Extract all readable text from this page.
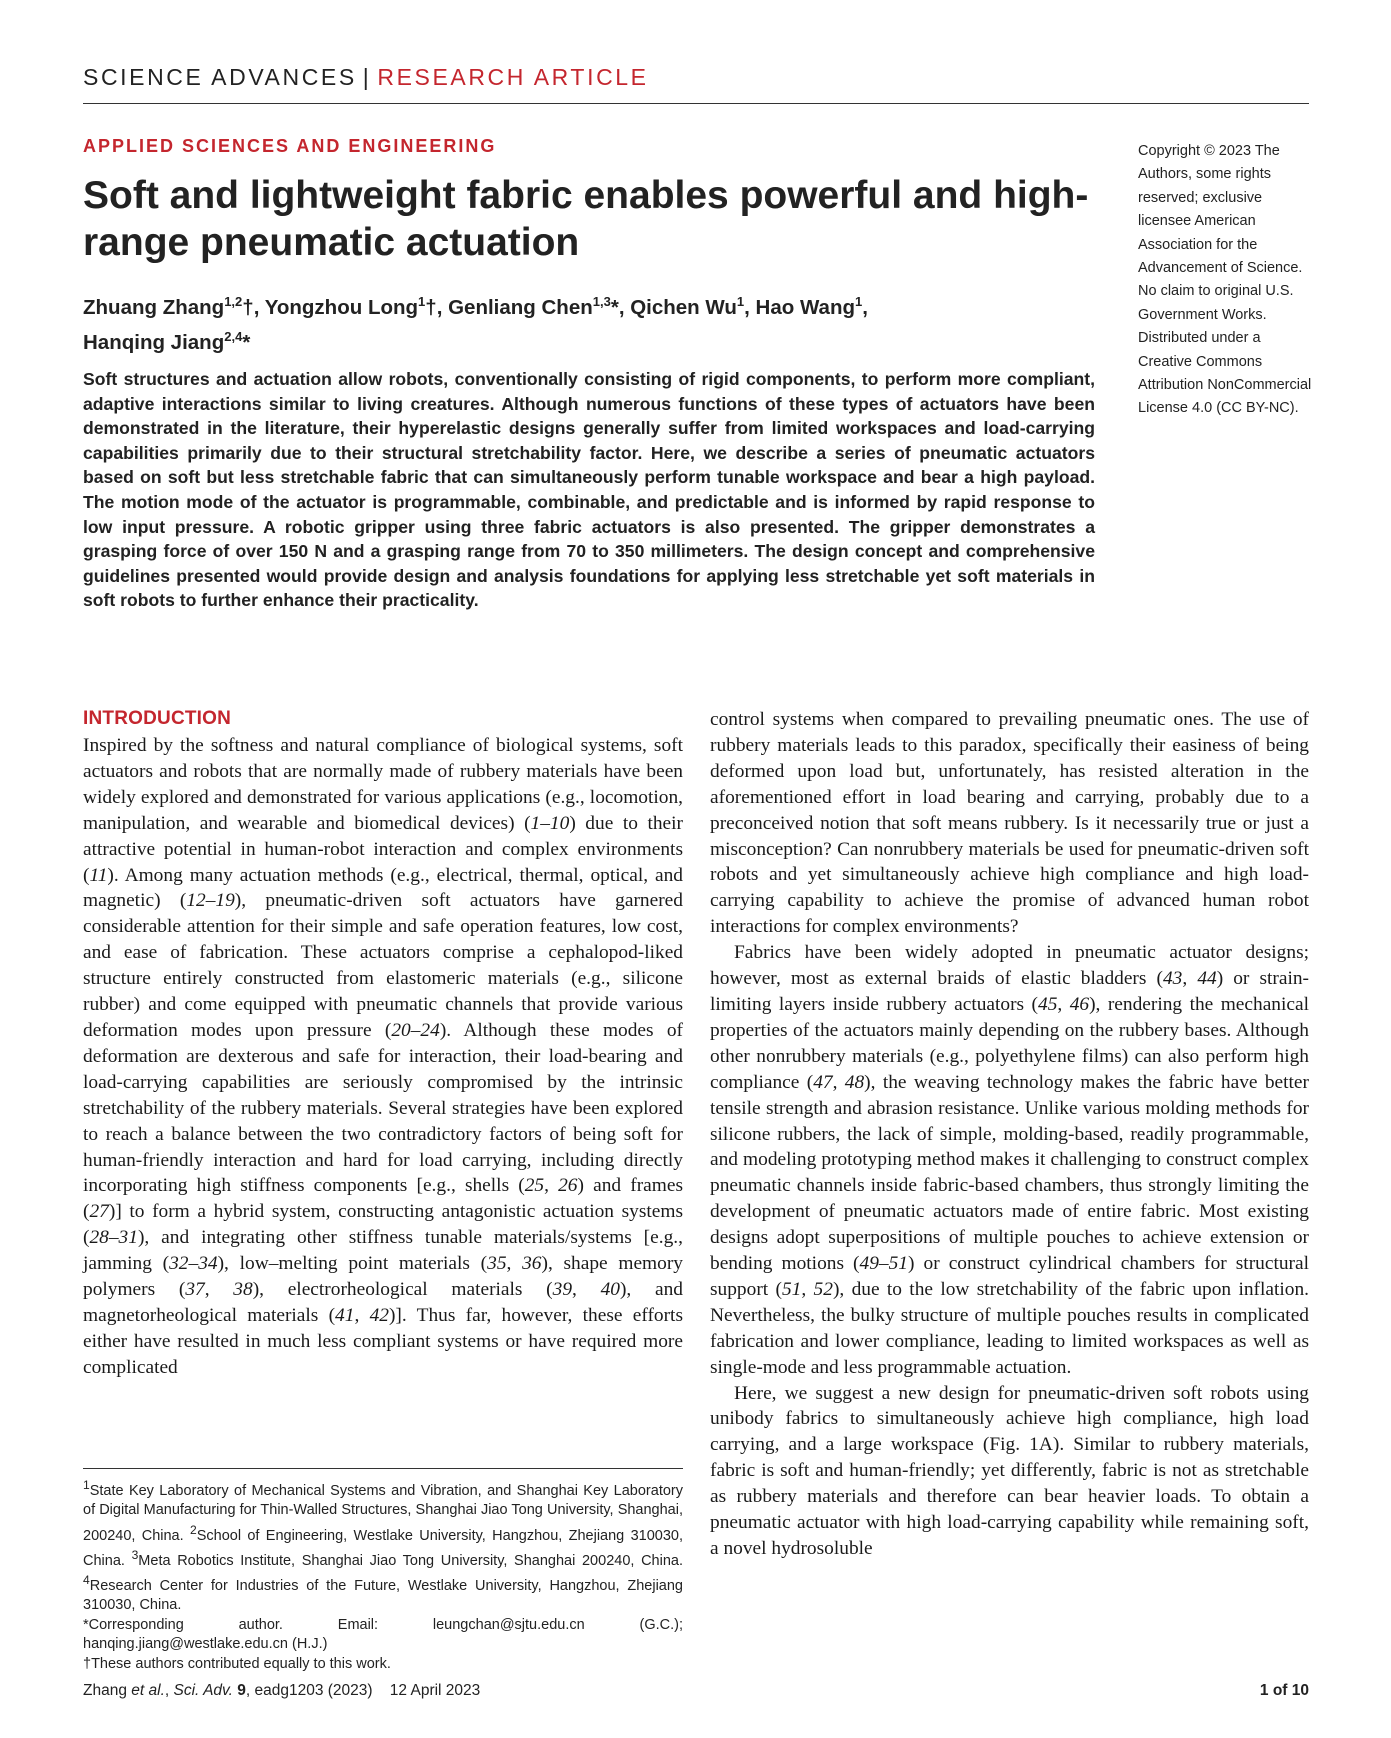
SCIENCE ADVANCES | RESEARCH ARTICLE
APPLIED SCIENCES AND ENGINEERING
Soft and lightweight fabric enables powerful and high-range pneumatic actuation
Zhuang Zhang$^{1,2}$†, Yongzhou Long$^1$†, Genliang Chen$^{1,3}$*, Qichen Wu$^1$, Hao Wang$^1$,
Hanqing Jiang$^{2,4}$*
Copyright © 2023 The Authors, some rights reserved; exclusive licensee American Association for the Advancement of Science. No claim to original U.S. Government Works. Distributed under a Creative Commons Attribution NonCommercial License 4.0 (CC BY-NC).

Soft structures and actuation allow robots, conventionally consisting of rigid components, to perform more compliant, adaptive interactions similar to living creatures. Although numerous functions of these types of actuators have been demonstrated in the literature, their hyperelastic designs generally suffer from limited workspaces and load-carrying capabilities primarily due to their structural stretchability factor. Here, we describe a series of pneumatic actuators based on soft but less stretchable fabric that can simultaneously perform tunable workspace and bear a high payload. The motion mode of the actuator is programmable, combinable, and predictable and is informed by rapid response to low input pressure. A robotic gripper using three fabric actuators is also presented. The gripper demonstrates a grasping force of over 150 N and a grasping range from 70 to 350 millimeters. The design concept and comprehensive guidelines presented would provide design and analysis foundations for applying less stretchable yet soft materials in soft robots to further enhance their practicality.

INTRODUCTION

Inspired by the softness and natural compliance of biological systems, soft actuators and robots that are normally made of rubbery materials have been widely explored and demonstrated for various applications (e.g., locomotion, manipulation, and wearable and biomedical devices) (1–10) due to their attractive potential in human-robot interaction and complex environments (11). Among many actuation methods (e.g., electrical, thermal, optical, and magnetic) (12–19), pneumatic-driven soft actuators have garnered considerable attention for their simple and safe operation features, low cost, and ease of fabrication. These actuators comprise a cephalopod-liked structure entirely constructed from elastomeric materials (e.g., silicone rubber) and come equipped with pneumatic channels that provide various deformation modes upon pressure (20–24). Although these modes of deformation are dexterous and safe for interaction, their load-bearing and load-carrying capabilities are seriously compromised by the intrinsic stretchability of the rubbery materials. Several strategies have been explored to reach a balance between the two contradictory factors of being soft for human-friendly interaction and hard for load carrying, including directly incorporating high stiffness components [e.g., shells (25, 26) and frames (27)] to form a hybrid system, constructing antagonistic actuation systems (28–31), and integrating other stiffness tunable materials/systems [e.g., jamming (32–34), low–melting point materials (35, 36), shape memory polymers (37, 38), electrorheological materials (39, 40), and magnetorheological materials (41, 42)]. Thus far, however, these efforts either have resulted in much less compliant systems or have required more complicated

control systems when compared to prevailing pneumatic ones. The use of rubbery materials leads to this paradox, specifically their easiness of being deformed upon load but, unfortunately, has resisted alteration in the aforementioned effort in load bearing and carrying, probably due to a preconceived notion that soft means rubbery. Is it necessarily true or just a misconception? Can nonrubbery materials be used for pneumatic-driven soft robots and yet simultaneously achieve high compliance and high load-carrying capability to achieve the promise of advanced human robot interactions for complex environments?

Fabrics have been widely adopted in pneumatic actuator designs; however, most as external braids of elastic bladders (43, 44) or strain-limiting layers inside rubbery actuators (45, 46), rendering the mechanical properties of the actuators mainly depending on the rubbery bases. Although other nonrubbery materials (e.g., polyethylene films) can also perform high compliance (47, 48), the weaving technology makes the fabric have better tensile strength and abrasion resistance. Unlike various molding methods for silicone rubbers, the lack of simple, molding-based, readily programmable, and modeling prototyping method makes it challenging to construct complex pneumatic channels inside fabric-based chambers, thus strongly limiting the development of pneumatic actuators made of entire fabric. Most existing designs adopt superpositions of multiple pouches to achieve extension or bending motions (49–51) or construct cylindrical chambers for structural support (51, 52), due to the low stretchability of the fabric upon inflation. Nevertheless, the bulky structure of multiple pouches results in complicated fabrication and lower compliance, leading to limited workspaces as well as single-mode and less programmable actuation.

Here, we suggest a new design for pneumatic-driven soft robots using unibody fabrics to simultaneously achieve high compliance, high load carrying, and a large workspace (Fig. 1A). Similar to rubbery materials, fabric is soft and human-friendly; yet differently, fabric is not as stretchable as rubbery materials and therefore can bear heavier loads. To obtain a pneumatic actuator with high load-carrying capability while remaining soft, a novel hydrosoluble

$^1$State Key Laboratory of Mechanical Systems and Vibration, and Shanghai Key Laboratory of Digital Manufacturing for Thin-Walled Structures, Shanghai Jiao Tong University, Shanghai, 200240, China. $^2$School of Engineering, Westlake University, Hangzhou, Zhejiang 310030, China. $^3$Meta Robotics Institute, Shanghai Jiao Tong University, Shanghai 200240, China. $^4$Research Center for Industries of the Future, Westlake University, Hangzhou, Zhejiang 310030, China.

*Corresponding author. Email: leungchan@sjtu.edu.cn (G.C.); hanqing.jiang@westlake.edu.cn (H.J.)

†These authors contributed equally to this work.

Zhang et al., Sci. Adv. 9, eadg1203 (2023) 12 April 2023	1 of 10
